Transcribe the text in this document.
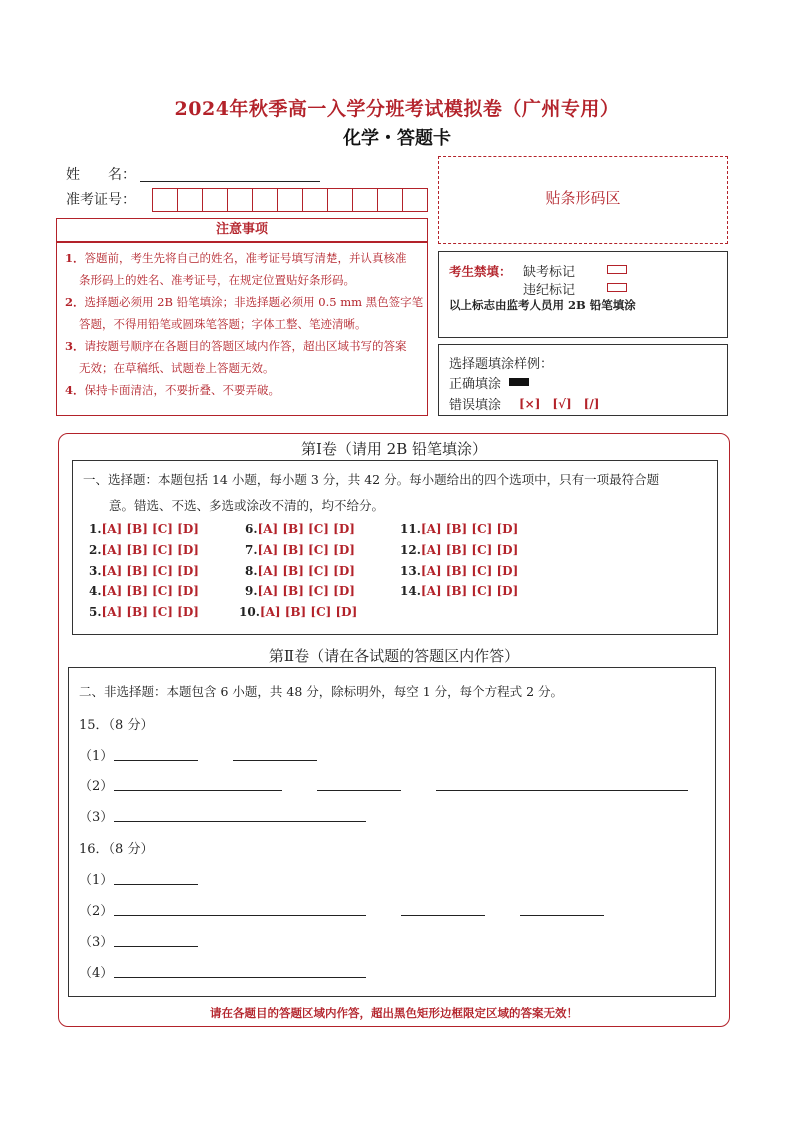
2024年秋季高一入学分班考试模拟卷（广州专用）
化学・答题卡
姓　　名：
准考证号：	贴条形码区
注意事项
1．答题前，考生先将自己的姓名，准考证号填写清楚，并认真核准
条形码上的姓名、准考证号，在规定位置贴好条形码。
2．选择题必须用 2B 铅笔填涂；非选择题必须用 0.5 mm 黑色签字笔
答题，不得用铅笔或圆珠笔答题；字体工整、笔迹清晰。
3．请按题号顺序在各题目的答题区域内作答，超出区域书写的答案
无效；在草稿纸、试题卷上答题无效。
4．保持卡面清洁，不要折叠、不要弄破。
考生禁填： 缺考标记
违纪标记
以上标志由监考人员用 2B 铅笔填涂
选择题填涂样例：
正确填涂
错误填涂 [×]　[√]　[/]
第Ⅰ卷（请用 2B 铅笔填涂）
一、选择题：本题包括 14 小题，每小题 3 分，共 42 分。每小题给出的四个选项中，只有一项最符合题
意。错选、不选、多选或涂改不清的，均不给分。
1.[A] [B] [C] [D]
2.[A] [B] [C] [D]
3.[A] [B] [C] [D]
4.[A] [B] [C] [D]
5.[A] [B] [C] [D]
6.[A] [B] [C] [D]
7.[A] [B] [C] [D]
8.[A] [B] [C] [D]
9.[A] [B] [C] [D]
10.[A] [B] [C] [D]
11.[A] [B] [C] [D]
12.[A] [B] [C] [D]
13.[A] [B] [C] [D]
14.[A] [B] [C] [D]
第Ⅱ卷（请在各试题的答题区内作答）
二、非选择题：本题包含 6 小题，共 48 分，除标明外，每空 1 分，每个方程式 2 分。
15．（8 分）
（1）
（2）
（3）
16．（8 分）
（1）
（2）
（3）
（4）
请在各题目的答题区域内作答，超出黑色矩形边框限定区域的答案无效！
